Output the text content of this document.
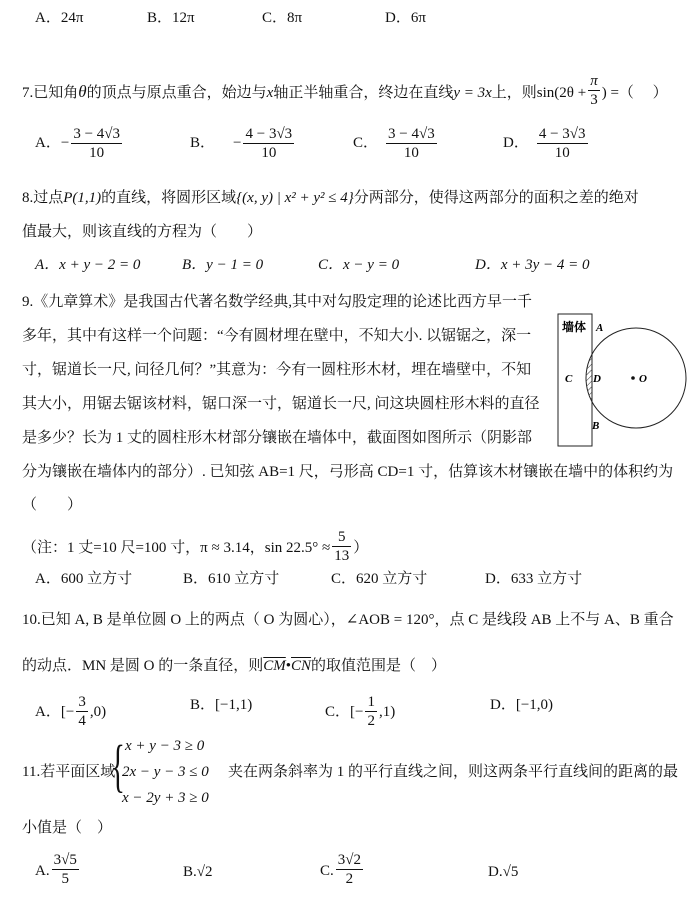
A．24π	B．12π	C．8π	D．6π
7.已知角θ的顶点与原点重合，始边与x轴正半轴重合，终边在直线y = 3x上，则$\sin(2\theta + \frac{\pi}{3}$ ) =（　 ）
A．− $\frac{3 - 4√3}{10}$	B． − $\frac{4 - 3√3}{10}$	C． $\frac{3 - 4√3}{10}$	D． $\frac{4 - 3√3}{10}$
8.过点P(1,1)的直线，将圆形区域{(x, y) | x² + y² ≤ 4}分两部分，使得这两部分的面积之差的绝对
值最大，则该直线的方程为（　　）
A．x + y − 2 = 0	B．y − 1 = 0	C．x − y = 0	D．x + 3y − 4 = 0
9.《九章算术》是我国古代著名数学经典,其中对勾股定理的论述比西方早一千
多年，其中有这样一个问题：“今有圆材埋在壁中，不知大小. 以锯锯之，深一
寸，锯道长一尺, 问径几何？”其意为：今有一圆柱形木材，埋在墙壁中，不知
其大小，用锯去锯该材料，锯口深一寸，锯道长一尺, 问这块圆柱形木料的直径
是多少？长为 1 丈的圆柱形木材部分镶嵌在墙体中，截面图如图所示（阴影部
分为镶嵌在墙体内的部分）. 已知弦 AB=1 尺，弓形高 CD=1 寸，估算该木材镶嵌在墙中的体积约为
（　　）
墙体 A
C D	O
B
（注：1 丈=10 尺=100 寸，π ≈ 3.14，$\sin 22.5^\circ \approx \frac{5}{13}$ ）
A．600 立方寸	B．610 立方寸	C．620 立方寸	D．633 立方寸
10.已知 A, B 是单位圆 O 上的两点（ O 为圆心），∠AOB = 120°，点 C 是线段 AB 上不与 A、B 重合
的动点．MN 是圆 O 的一条直径，则$\overline{CM}•\overline{CN}$的取值范围是（　）
A．[− $\frac{3}{4} ,0$)	B．[−1,1)	C．[− $\frac{1}{2} ,1$)	D．[−1,0)
11.若平面区域
{ x + y − 3 ≥ 0
2x − y − 3 ≤ 0
x − 2y + 3 ≥ 0
夹在两条斜率为 1 的平行直线之间，则这两条平行直线间的距离的最
小值是（　）
A. $\frac{3√5}{5}$	B.√2	C. $\frac{3√2}{2}$	D.√5
